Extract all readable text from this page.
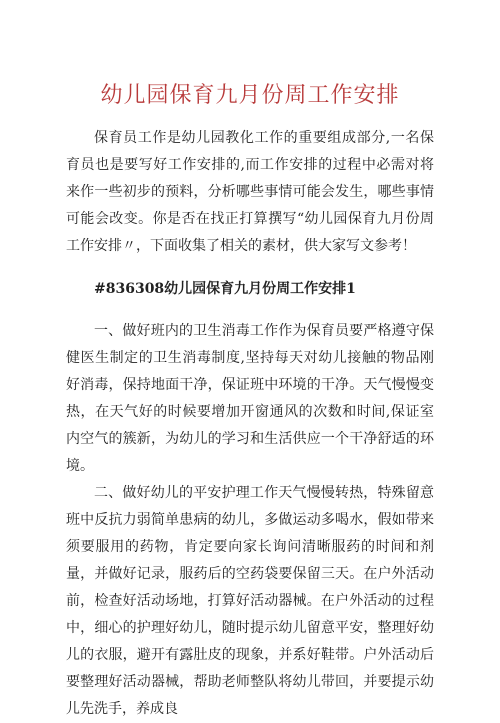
幼儿园保育九月份周工作安排

保育员工作是幼儿园教化工作的重要组成部分,一名保育员也是要写好工作安排的,而工作安排的过程中必需对将来作一些初步的预料，分析哪些事情可能会发生，哪些事情可能会改变。你是否在找正打算撰写“幼儿园保育九月份周工作安排〃，下面收集了相关的素材，供大家写文参考！

#836308幼儿园保育九月份周工作安排1

一、做好班内的卫生消毒工作作为保育员要严格遵守保健医生制定的卫生消毒制度,坚持每天对幼儿接触的物品刚好消毒，保持地面干净，保证班中环境的干净。天气慢慢变热，在天气好的时候要增加开窗通风的次数和时间,保证室内空气的簇新，为幼儿的学习和生活供应一个干净舒适的环境。

二、做好幼儿的平安护理工作天气慢慢转热，特殊留意班中反抗力弱简单患病的幼儿，多做运动多喝水，假如带来须要服用的药物，肯定要向家长询问清晰服药的时间和剂量，并做好记录，服药后的空药袋要保留三天。在户外活动前，检查好活动场地，打算好活动器械。在户外活动的过程中，细心的护理好幼儿，随时提示幼儿留意平安，整理好幼儿的衣服，避开有露肚皮的现象，并系好鞋带。户外活动后要整理好活动器械，帮助老师整队将幼儿带回，并要提示幼儿先洗手，养成良
